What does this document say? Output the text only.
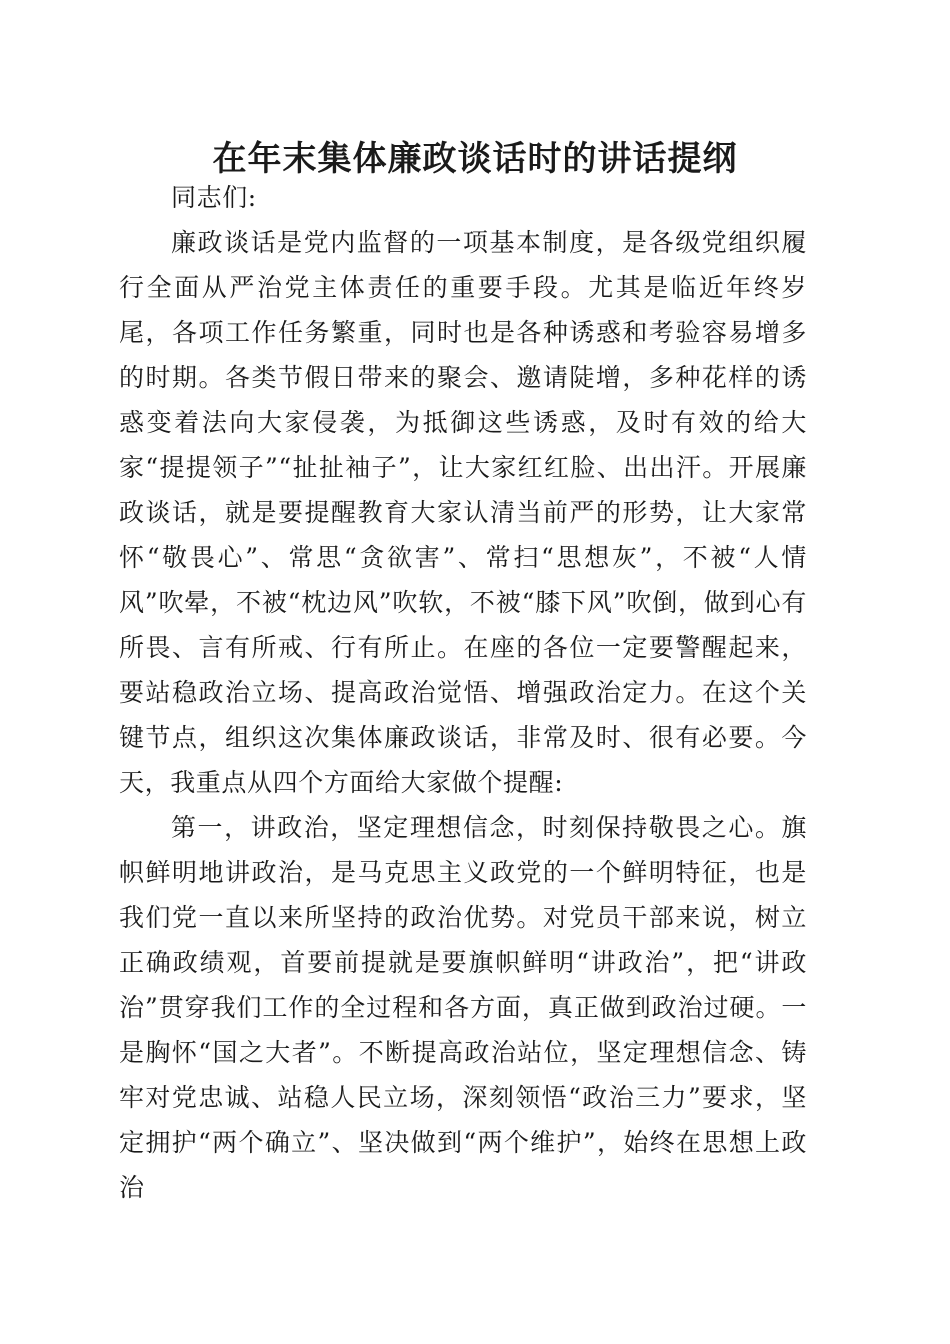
在年末集体廉政谈话时的讲话提纲

同志们:

廉政谈话是党内监督的一项基本制度，是各级党组织履行全面从严治党主体责任的重要手段。尤其是临近年终岁尾，各项工作任务繁重，同时也是各种诱惑和考验容易增多的时期。各类节假日带来的聚会、邀请陡增，多种花样的诱惑变着法向大家侵袭，为抵御这些诱惑，及时有效的给大家“提提领子”“扯扯袖子”，让大家红红脸、出出汗。开展廉政谈话，就是要提醒教育大家认清当前严的形势，让大家常怀“敬畏心”、常思“贪欲害”、常扫“思想灰”，不被“人情风”吹晕，不被“枕边风”吹软，不被“膝下风”吹倒，做到心有所畏、言有所戒、行有所止。在座的各位一定要警醒起来，要站稳政治立场、提高政治觉悟、增强政治定力。在这个关键节点，组织这次集体廉政谈话，非常及时、很有必要。今天，我重点从四个方面给大家做个提醒:

第一，讲政治，坚定理想信念，时刻保持敬畏之心。旗帜鲜明地讲政治，是马克思主义政党的一个鲜明特征，也是我们党一直以来所坚持的政治优势。对党员干部来说，树立正确政绩观，首要前提就是要旗帜鲜明“讲政治”，把“讲政治”贯穿我们工作的全过程和各方面，真正做到政治过硬。一是胸怀“国之大者”。不断提高政治站位，坚定理想信念、铸牢对党忠诚、站稳人民立场，深刻领悟“政治三力”要求，坚定拥护“两个确立”、坚决做到“两个维护”，始终在思想上政治
